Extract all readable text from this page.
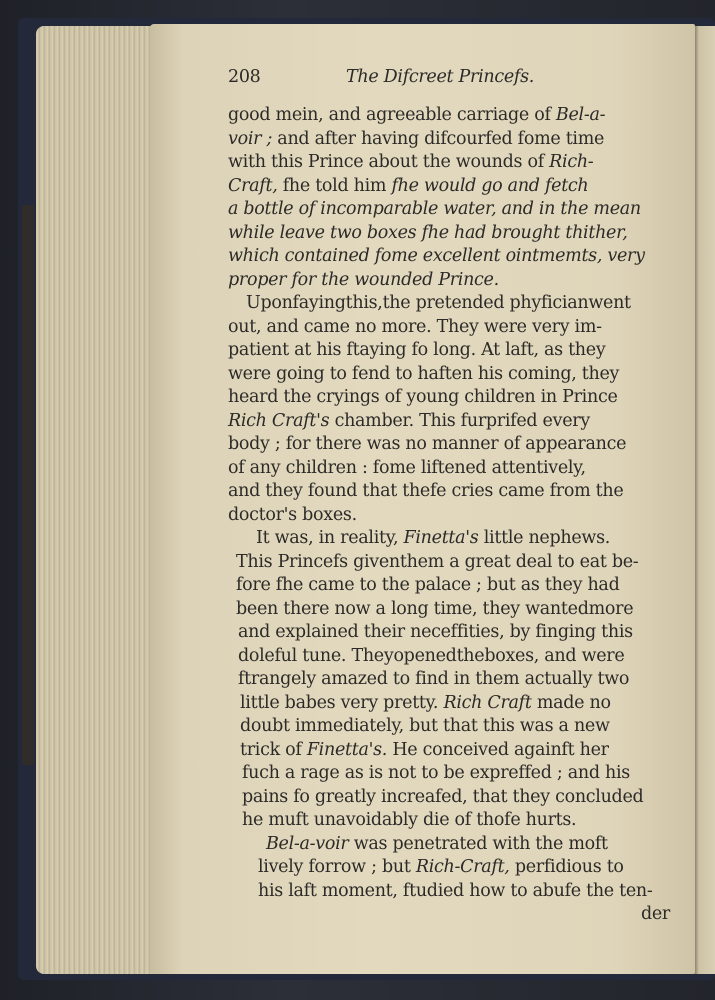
208	The Difcreet Princefs.
good mein, and agreeable carriage of Bel-a-
voir ; and after having difcourfed fome time
with this Prince about the wounds of Rich-
Craft, fhe told him fhe would go and fetch
a bottle of incomparable water, and in the mean
while leave two boxes fhe had brought thither,
which contained fome excellent ointmemts, very
proper for the wounded Prince.
Uponfayingthis,the pretended phyficianwent
out, and came no more. They were very im-
patient at his ftaying fo long. At laft, as they
were going to fend to haften his coming, they
heard the cryings of young children in Prince
Rich Craft's chamber. This furprifed every
body ; for there was no manner of appearance
of any children : fome liftened attentively,
and they found that thefe cries came from the
doctor's boxes.
It was, in reality, Finetta's little nephews.
This Princefs giventhem a great deal to eat be-
fore fhe came to the palace ; but as they had
been there now a long time, they wantedmore
and explained their neceffities, by finging this
doleful tune. Theyopenedtheboxes, and were
ftrangely amazed to find in them actually two
little babes very pretty. Rich Craft made no
doubt immediately, but that this was a new
trick of Finetta's. He conceived againft her
fuch a rage as is not to be expreffed ; and his
pains fo greatly increafed, that they concluded
he muft unavoidably die of thofe hurts.
Bel-a-voir was penetrated with the moft
lively forrow ; but Rich-Craft, perfidious to
his laft moment, ftudied how to abufe the ten-
der
